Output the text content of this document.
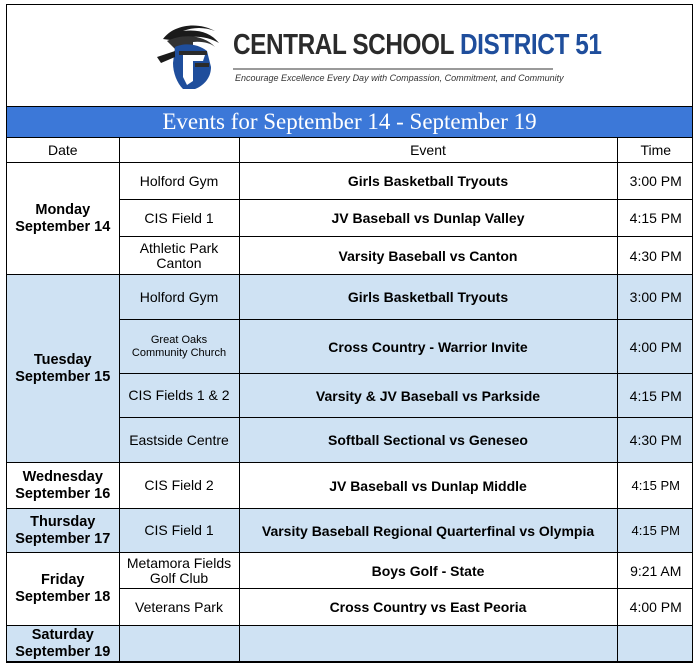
CENTRAL SCHOOL DISTRICT 51
Encourage Excellence Every Day with Compassion, Commitment, and Community
Events for September 14 - September 19
Date		Event	Time
Monday
September 14	Holford Gym	Girls Basketball Tryouts	3:00 PM
	CIS Field 1	JV Baseball vs Dunlap Valley	4:15 PM
	Athletic Park Canton	Varsity Baseball vs Canton	4:30 PM
Tuesday
September 15	Holford Gym	Girls Basketball Tryouts	3:00 PM
	Great Oaks Community Church	Cross Country - Warrior Invite	4:00 PM
	CIS Fields 1 & 2	Varsity & JV Baseball vs Parkside	4:15 PM
	Eastside Centre	Softball Sectional vs Geneseo	4:30 PM
Wednesday
September 16	CIS Field 2	JV Baseball vs Dunlap Middle	4:15 PM
Thursday
September 17	CIS Field 1	Varsity Baseball Regional Quarterfinal vs Olympia	4:15 PM
Friday
September 18	Metamora Fields Golf Club	Boys Golf - State	9:21 AM
	Veterans Park	Cross Country vs East Peoria	4:00 PM
Saturday
September 19			
